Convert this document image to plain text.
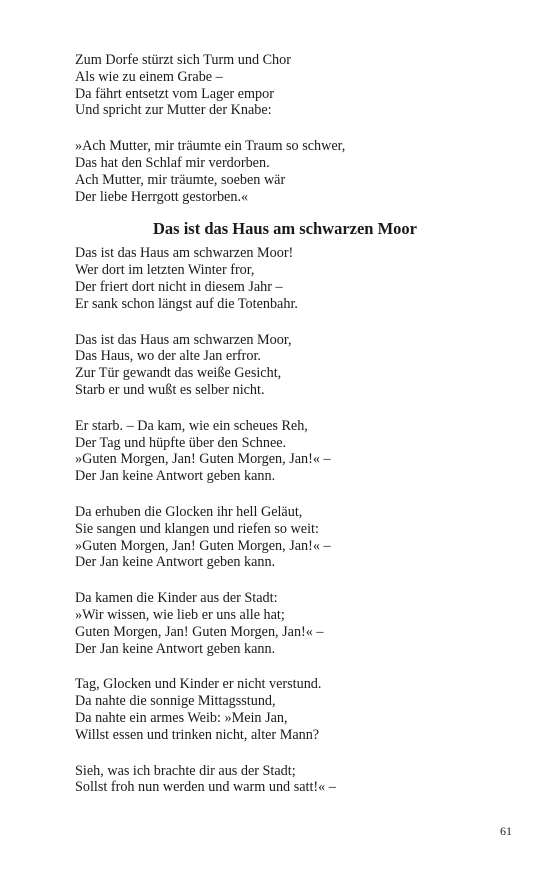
Zum Dorfe stürzt sich Turm und Chor
Als wie zu einem Grabe –
Da fährt entsetzt vom Lager empor
Und spricht zur Mutter der Knabe:
»Ach Mutter, mir träumte ein Traum so schwer,
Das hat den Schlaf mir verdorben.
Ach Mutter, mir träumte, soeben wär
Der liebe Herrgott gestorben.«
Das ist das Haus am schwarzen Moor
Das ist das Haus am schwarzen Moor!
Wer dort im letzten Winter fror,
Der friert dort nicht in diesem Jahr –
Er sank schon längst auf die Totenbahr.
Das ist das Haus am schwarzen Moor,
Das Haus, wo der alte Jan erfror.
Zur Tür gewandt das weiße Gesicht,
Starb er und wußt es selber nicht.
Er starb. – Da kam, wie ein scheues Reh,
Der Tag und hüpfte über den Schnee.
»Guten Morgen, Jan! Guten Morgen, Jan!« –
Der Jan keine Antwort geben kann.
Da erhuben die Glocken ihr hell Geläut,
Sie sangen und klangen und riefen so weit:
»Guten Morgen, Jan! Guten Morgen, Jan!« –
Der Jan keine Antwort geben kann.
Da kamen die Kinder aus der Stadt:
»Wir wissen, wie lieb er uns alle hat;
Guten Morgen, Jan! Guten Morgen, Jan!« –
Der Jan keine Antwort geben kann.
Tag, Glocken und Kinder er nicht verstund.
Da nahte die sonnige Mittagsstund,
Da nahte ein armes Weib: »Mein Jan,
Willst essen und trinken nicht, alter Mann?
Sieh, was ich brachte dir aus der Stadt;
Sollst froh nun werden und warm und satt!« –
61
